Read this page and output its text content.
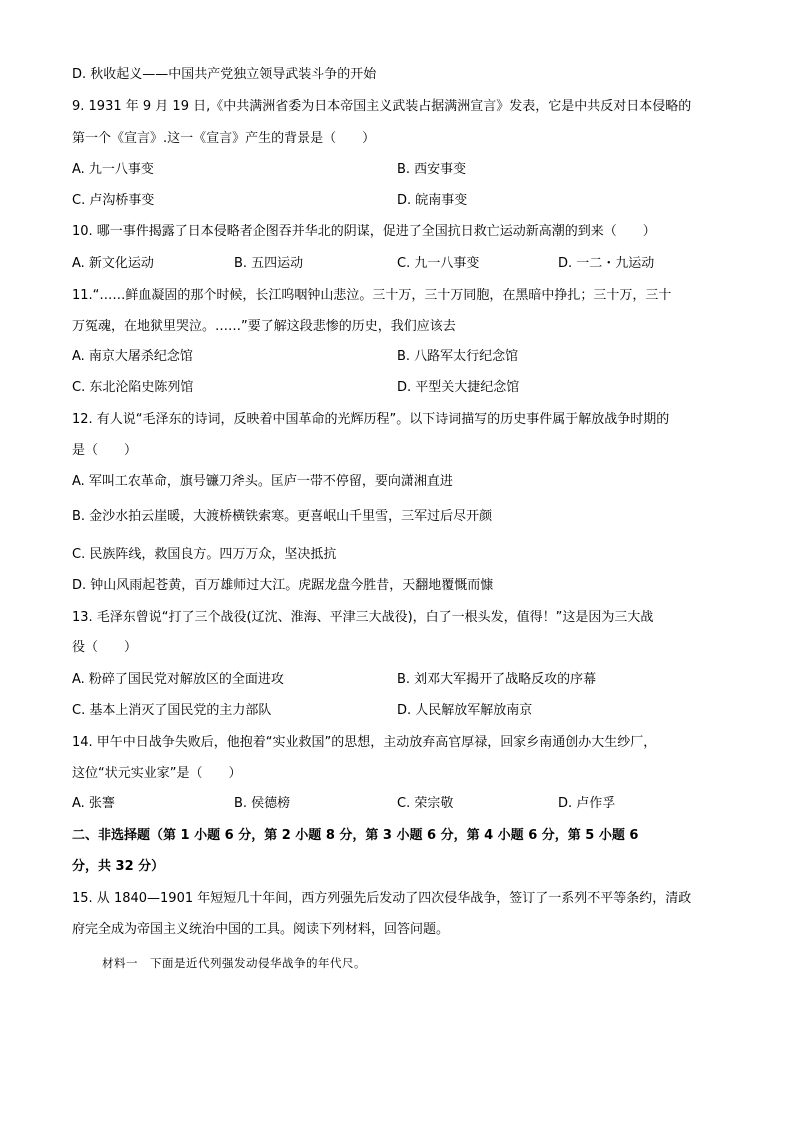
D. 秋收起义——中国共产党独立领导武装斗争的开始
9. 1931 年 9 月 19 日,《中共满洲省委为日本帝国主义武装占据满洲宣言》发表，它是中共反对日本侵略的
第一个《宣言》.这一《宣言》产生的背景是（　　）
A. 九一八事变	B. 西安事变
C. 卢沟桥事变	D. 皖南事变
10. 哪一事件揭露了日本侵略者企图吞并华北的阴谋，促进了全国抗日救亡运动新高潮的到来（　　）
A. 新文化运动	B. 五四运动	C. 九一八事变	D. 一二・九运动
11.“……鲜血凝固的那个时候，长江呜咽钟山悲泣。三十万，三十万同胞，在黑暗中挣扎；三十万，三十
万冤魂，在地狱里哭泣。……”要了解这段悲惨的历史，我们应该去
A. 南京大屠杀纪念馆	B. 八路军太行纪念馆
C. 东北沦陷史陈列馆	D. 平型关大捷纪念馆
12. 有人说“毛泽东的诗词，反映着中国革命的光辉历程”。以下诗词描写的历史事件属于解放战争时期的
是（　　）
A. 军叫工农革命，旗号镰刀斧头。匡庐一带不停留，要向潇湘直进
B. 金沙水拍云崖暖，大渡桥横铁索寒。更喜岷山千里雪，三军过后尽开颜
C. 民族阵线，救国良方。四万万众，坚决抵抗
D. 钟山风雨起苍黄，百万雄师过大江。虎踞龙盘今胜昔，天翻地覆慨而慷
13. 毛泽东曾说“打了三个战役(辽沈、淮海、平津三大战役)，白了一根头发，值得！”这是因为三大战
役（　　）
A. 粉碎了国民党对解放区的全面进攻	B. 刘邓大军揭开了战略反攻的序幕
C. 基本上消灭了国民党的主力部队	D. 人民解放军解放南京
14. 甲午中日战争失败后，他抱着“实业救国”的思想，主动放弃高官厚禄，回家乡南通创办大生纱厂，
这位“状元实业家”是（　　）
A. 张謇	B. 侯德榜	C. 荣宗敬	D. 卢作孚
二、非选择题（第 1 小题 6 分，第 2 小题 8 分，第 3 小题 6 分，第 4 小题 6 分，第 5 小题 6
分，共 32 分）
15. 从 1840—1901 年短短几十年间，西方列强先后发动了四次侵华战争，签订了一系列不平等条约，清政
府完全成为帝国主义统治中国的工具。阅读下列材料，回答问题。
材料一　下面是近代列强发动侵华战争的年代尺。
